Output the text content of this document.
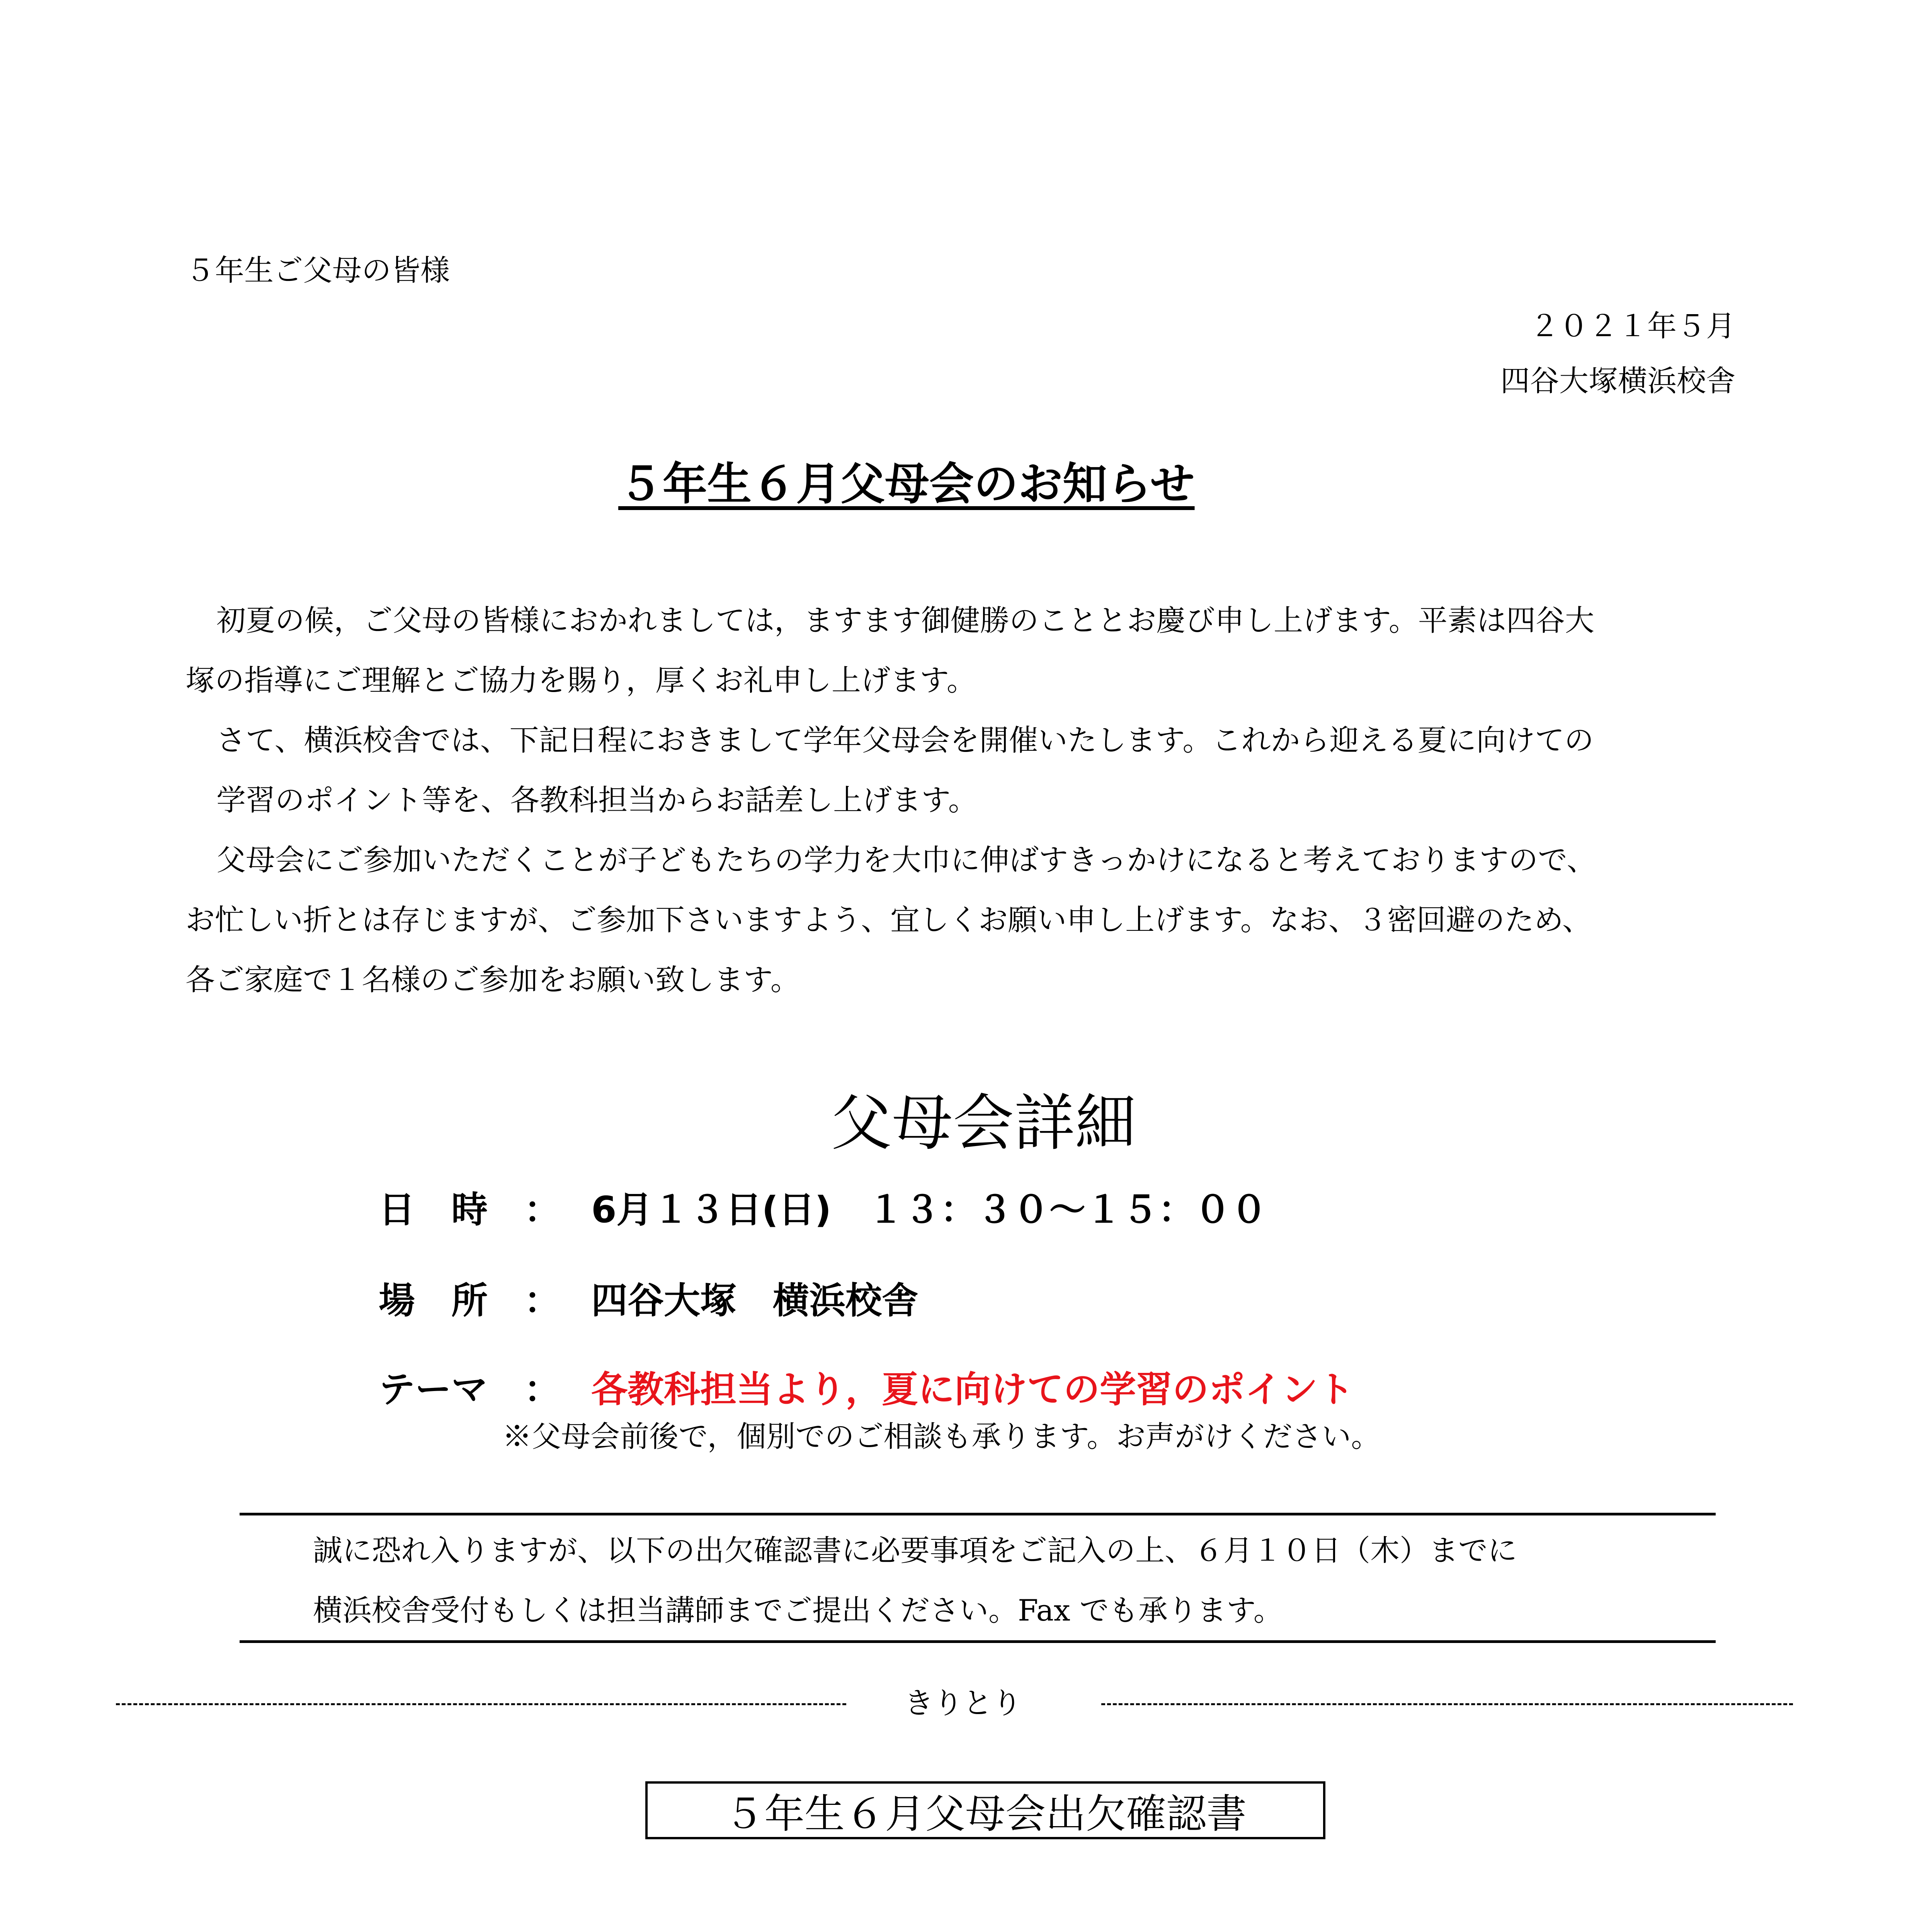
５年生ご父母の皆様
２０２１年５月
四谷大塚横浜校舎
５年生６月父母会のお知らせ
初夏の候，ご父母の皆様におかれましては，ますます御健勝のこととお慶び申し上げます。平素は四谷大
塚の指導にご理解とご協力を賜り，厚くお礼申し上げます。
さて、横浜校舎では、下記日程におきまして学年父母会を開催いたします。これから迎える夏に向けての
学習のポイント等を、各教科担当からお話差し上げます。
父母会にご参加いただくことが子どもたちの学力を大巾に伸ばすきっかけになると考えておりますので、
お忙しい折とは存じますが、ご参加下さいますよう、宜しくお願い申し上げます。なお、３密回避のため、
各ご家庭で１名様のご参加をお願い致します。
父母会詳細
日　時　： 6月１３日(日)　１３：３０～１５：００
場　所　： 四谷大塚　横浜校舎
テーマ　： 各教科担当より，夏に向けての学習のポイント
※父母会前後で，個別でのご相談も承ります。お声がけください。
誠に恐れ入りますが、以下の出欠確認書に必要事項をご記入の上、６月１０日（木）までに
横浜校舎受付もしくは担当講師までご提出ください。Fax でも承ります。
きりとり
５年生６月父母会出欠確認書
